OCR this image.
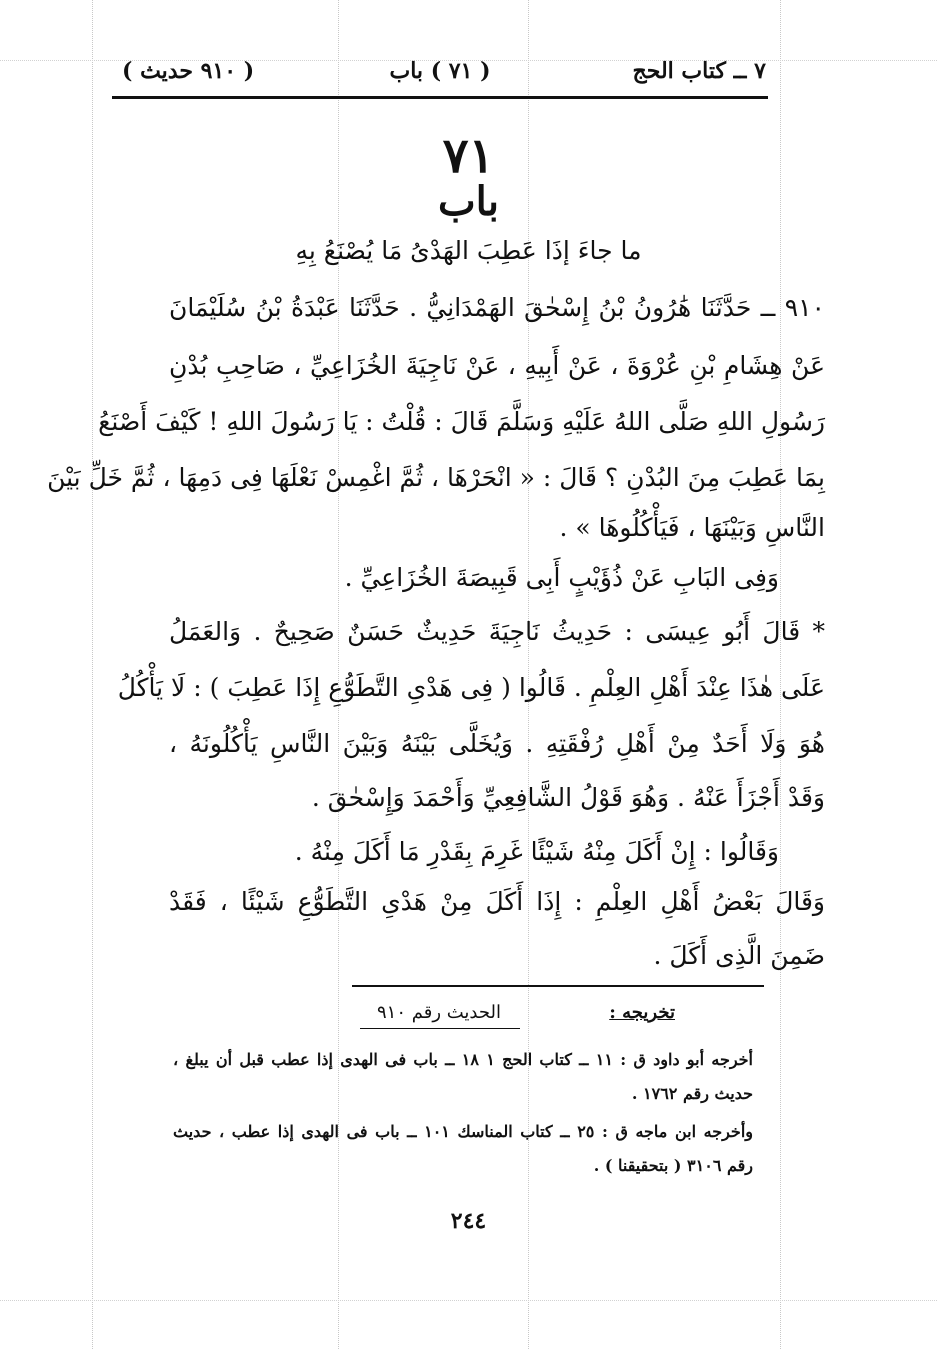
٧ ــ كتاب الحج
( ٧١ ) باب
( ٩١٠ حديث )
٧١
باب
ما جاءَ إذَا عَطِبَ الهَدْىُ مَا يُصْنَعُ بِهِ
٩١٠ ــ حَدَّثَنَا هَٰرُونُ بْنُ إِسْحٰقَ الهَمْدَانِيُّ . حَدَّثَنَا عَبْدَةُ بْنُ سُلَيْمَانَ
عَنْ هِشَامِ بْنِ عُرْوَةَ ، عَنْ أَبِيهِ ، عَنْ نَاجِيَةَ الخُزَاعِيِّ ، صَاحِبِ بُدْنِ
رَسُولِ اللهِ صَلَّى اللهُ عَلَيْهِ وَسَلَّمَ قَالَ : قُلْتُ : يَا رَسُولَ اللهِ ! كَيْفَ أَصْنَعُ
بِمَا عَطِبَ مِنَ البُدْنِ ؟ قَالَ : « انْحَرْهَا ، ثُمَّ اغْمِسْ نَعْلَهَا فِى دَمِهَا ، ثُمَّ خَلِّ بَيْنَ
النَّاسِ وَبَيْنَهَا ، فَيَأْكُلُوهَا » .
وَفِى البَابِ عَنْ ذُؤَيْبٍ أَبِى قَبِيصَةَ الخُزَاعِيِّ .
* قَالَ أَبُو عِيسَى : حَدِيثُ نَاجِيَةَ حَدِيثٌ حَسَنٌ صَحِيحٌ . وَالعَمَلُ
عَلَى هٰذَا عِنْدَ أَهْلِ العِلْمِ . قَالُوا ( فِى هَدْىِ التَّطَوُّعِ إِذَا عَطِبَ ) : لَا يَأْكُلُ
هُوَ وَلَا أَحَدٌ مِنْ أَهْلِ رُفْقَتِهِ . وَيُخَلَّى بَيْنَهُ وَبَيْنَ النَّاسِ يَأْكُلُونَهُ ،
وَقَدْ أَجْزَأَ عَنْهُ . وَهُوَ قَوْلُ الشَّافِعِيِّ وَأَحْمَدَ وَإِسْحٰقَ .
وَقَالُوا : إِنْ أَكَلَ مِنْهُ شَيْئًا غَرِمَ بِقَدْرِ مَا أَكَلَ مِنْهُ .
وَقَالَ بَعْضُ أَهْلِ العِلْمِ : إِذَا أَكَلَ مِنْ هَدْىِ التَّطَوُّعِ شَيْئًا ، فَقَدْ
ضَمِنَ الَّذِى أَكَلَ .
تخريجه :
الحديث رقم ٩١٠
أخرجه أبو داود ق : ١١ ــ كتاب الحج ١ ١٨ ــ باب فى الهدى إذا عطب قبل أن يبلغ ،
حديث رقم ١٧٦٢ .
وأخرجه ابن ماجه ق : ٢٥ ــ كتاب المناسك ١٠١ ــ باب فى الهدى إذا عطب ، حديث
رقم ٣١٠٦ ( بتحقيقنا ) .
٢٤٤
